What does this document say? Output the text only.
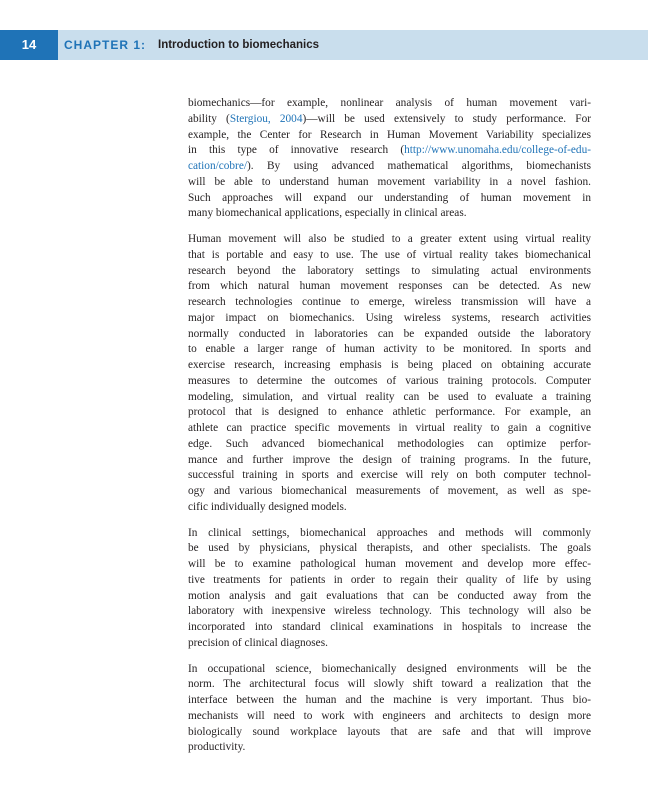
14	CHAPTER 1: Introduction to biomechanics

biomechanics—for example, nonlinear analysis of human movement vari-
ability (Stergiou, 2004)—will be used extensively to study performance. For
example, the Center for Research in Human Movement Variability specializes
in this type of innovative research (http://www.unomaha.edu/college-of-edu-
cation/cobre/). By using advanced mathematical algorithms, biomechanists
will be able to understand human movement variability in a novel fashion.
Such approaches will expand our understanding of human movement in
many biomechanical applications, especially in clinical areas.

Human movement will also be studied to a greater extent using virtual reality
that is portable and easy to use. The use of virtual reality takes biomechanical
research beyond the laboratory settings to simulating actual environments
from which natural human movement responses can be detected. As new
research technologies continue to emerge, wireless transmission will have a
major impact on biomechanics. Using wireless systems, research activities
normally conducted in laboratories can be expanded outside the laboratory
to enable a larger range of human activity to be monitored. In sports and
exercise research, increasing emphasis is being placed on obtaining accurate
measures to determine the outcomes of various training protocols. Computer
modeling, simulation, and virtual reality can be used to evaluate a training
protocol that is designed to enhance athletic performance. For example, an
athlete can practice specific movements in virtual reality to gain a cognitive
edge. Such advanced biomechanical methodologies can optimize perfor-
mance and further improve the design of training programs. In the future,
successful training in sports and exercise will rely on both computer technol-
ogy and various biomechanical measurements of movement, as well as spe-
cific individually designed models.

In clinical settings, biomechanical approaches and methods will commonly
be used by physicians, physical therapists, and other specialists. The goals
will be to examine pathological human movement and develop more effec-
tive treatments for patients in order to regain their quality of life by using
motion analysis and gait evaluations that can be conducted away from the
laboratory with inexpensive wireless technology. This technology will also be
incorporated into standard clinical examinations in hospitals to increase the
precision of clinical diagnoses.

In occupational science, biomechanically designed environments will be the
norm. The architectural focus will slowly shift toward a realization that the
interface between the human and the machine is very important. Thus bio-
mechanists will need to work with engineers and architects to design more
biologically sound workplace layouts that are safe and that will improve
productivity.
